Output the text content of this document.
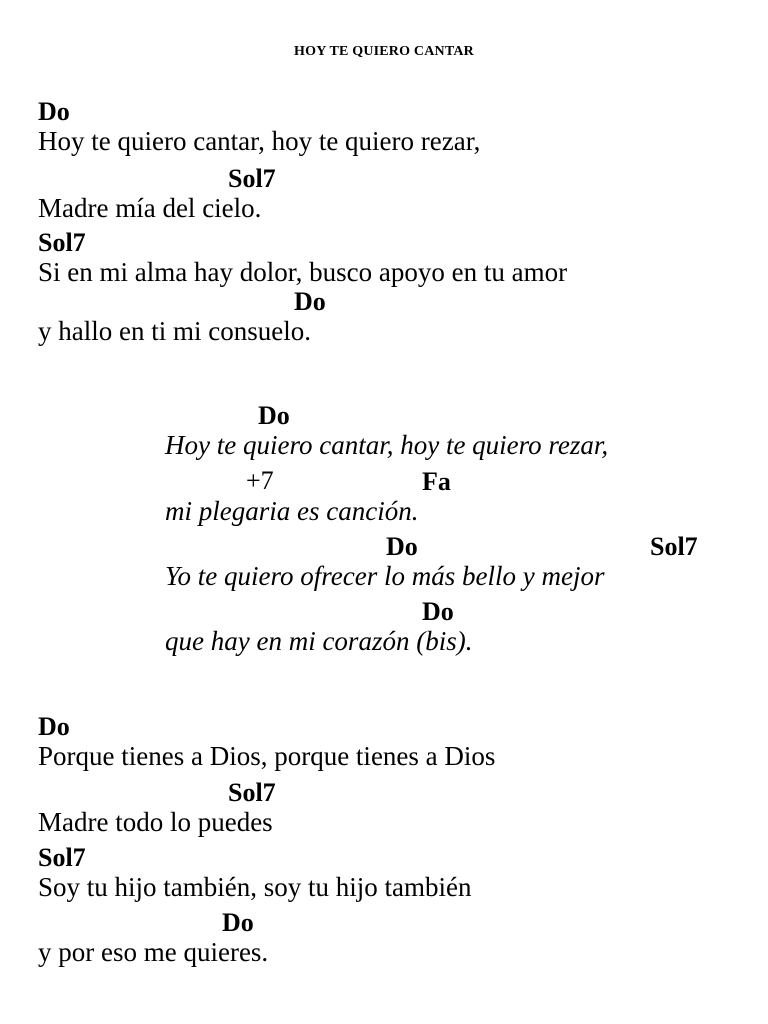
HOY TE QUIERO CANTAR
Do
Hoy te quiero cantar, hoy te quiero rezar,
Sol7
Madre mía del cielo.
Sol7
Si en mi alma hay dolor, busco apoyo en tu amor
Do
y hallo en ti mi consuelo.
Do
Hoy te quiero cantar, hoy te quiero rezar,
+7	Fa
mi plegaria es canción.
Do	Sol7
Yo te quiero ofrecer lo más bello y mejor
Do
que hay en mi corazón (bis).
Do
Porque tienes a Dios, porque tienes a Dios
Sol7
Madre todo lo puedes
Sol7
Soy tu hijo también, soy tu hijo también
Do
y por eso me quieres.
